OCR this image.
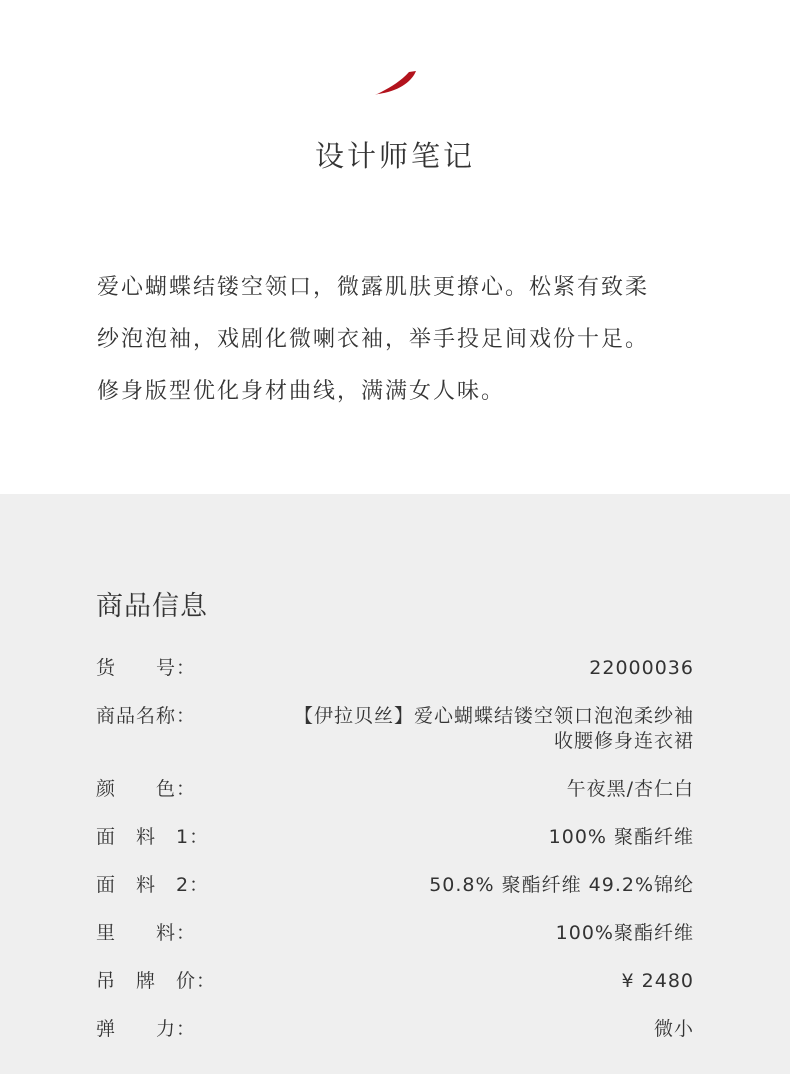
设计师笔记
爱心蝴蝶结镂空领口，微露肌肤更撩心。松紧有致柔
纱泡泡袖，戏剧化微喇衣袖，举手投足间戏份十足。
修身版型优化身材曲线，满满女人味。
商品信息
货　　号：	22000036
商品名称：	【伊拉贝丝】爱心蝴蝶结镂空领口泡泡柔纱袖收腰修身连衣裙
颜　　色：	午夜黑/杏仁白
面　料　1：	100% 聚酯纤维
面　料　2：	50.8% 聚酯纤维 49.2%锦纶
里　　料：	100%聚酯纤维
吊　牌　价：	¥ 2480
弹　　力：	微小
